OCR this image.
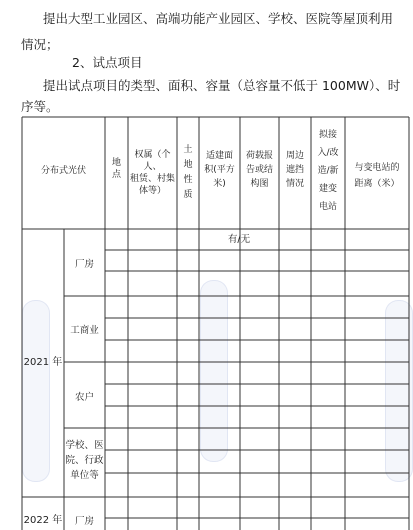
提出大型工业园区、高端功能产业园区、学校、医院等屋顶利用
情况；
2、试点项目
提出试点项目的类型、面积、容量（总容量不低于 100MW）、时
序等。
分布式光伏
地
点
权属（个人、
租赁、村集
体等）
土
地
性
质
适建面
积(平方
米)
荷载报
告或结
构图
周边
遮挡
情况
拟接
入/改
造/新
建变
电站
与变电站的
距离（米）
2021 年
2022 年
厂房
工商业
农户
学校、医
院、行政
单位等
厂房
有/无
